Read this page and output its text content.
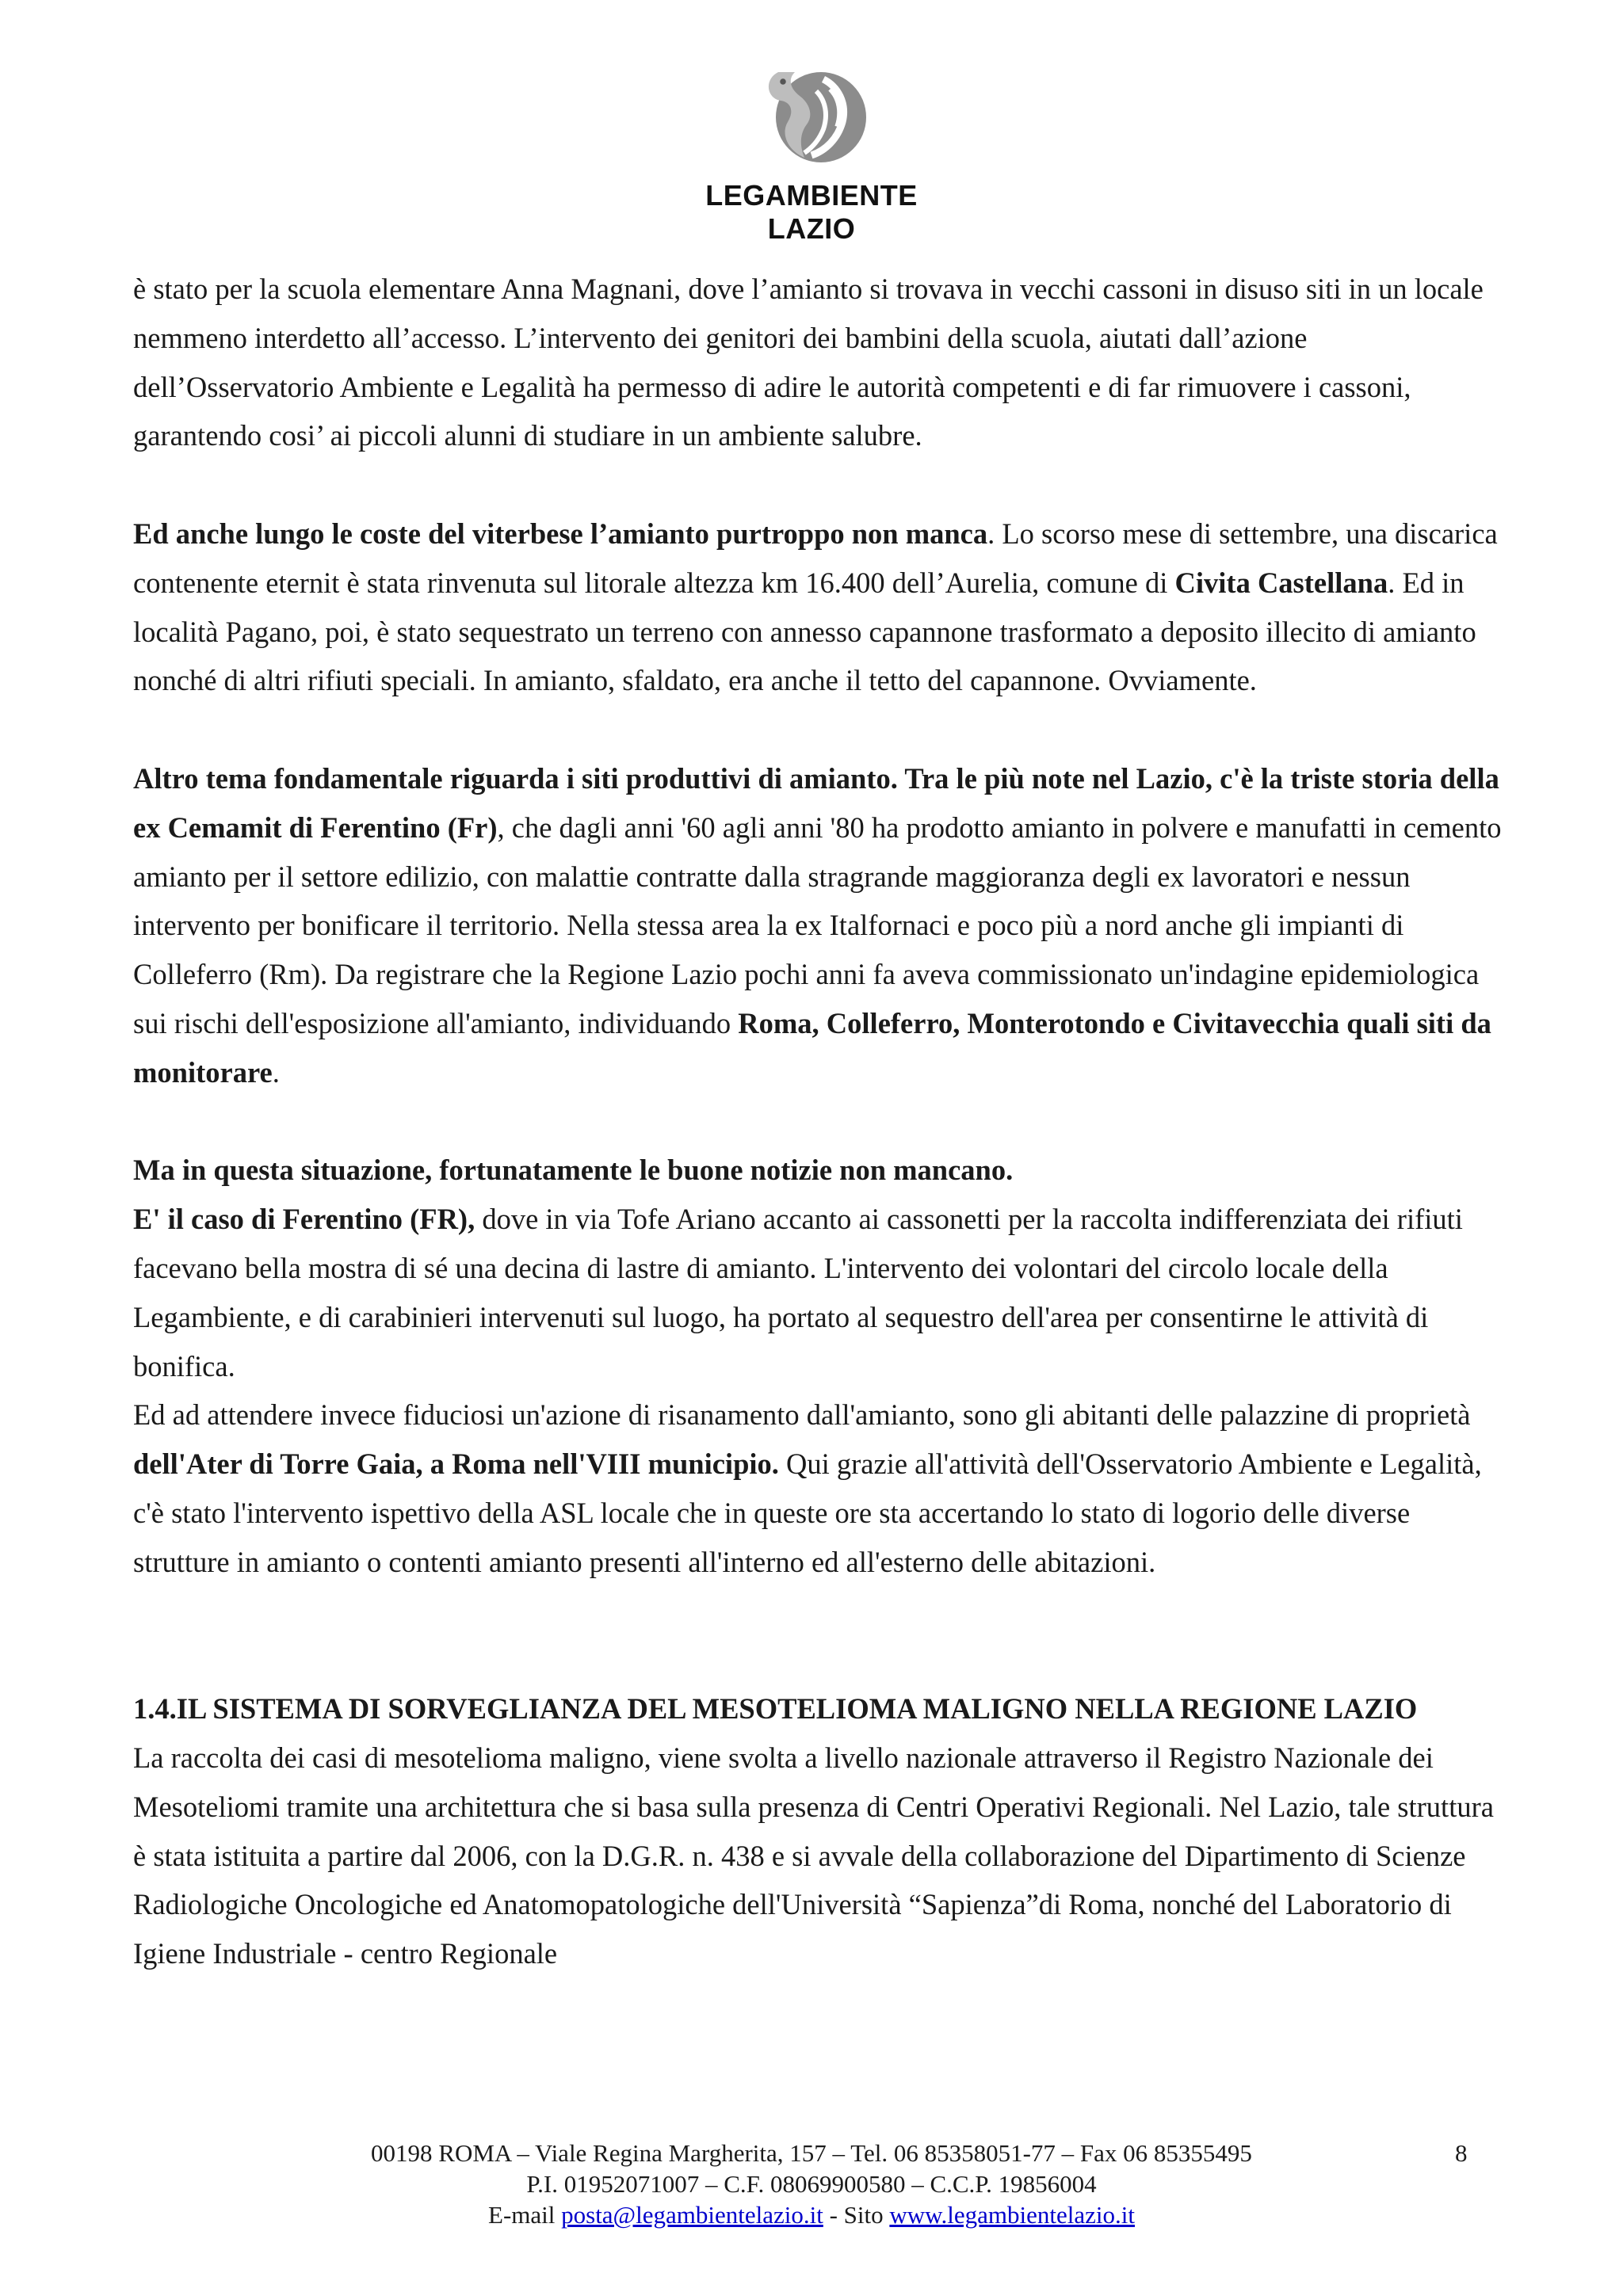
LEGAMBIENTE
LAZIO

è stato per la scuola elementare Anna Magnani, dove l’amianto si trovava in vecchi cassoni in disuso siti in un locale nemmeno interdetto all’accesso. L’intervento dei genitori dei bambini della scuola, aiutati dall’azione dell’Osservatorio Ambiente e Legalità ha permesso di adire le autorità competenti e di far rimuovere i cassoni, garantendo cosi’ ai piccoli alunni di studiare in un ambiente salubre.

Ed anche lungo le coste del viterbese l’amianto purtroppo non manca. Lo scorso mese di settembre, una discarica contenente eternit è stata rinvenuta sul litorale altezza km 16.400 dell’Aurelia, comune di Civita Castellana. Ed in località Pagano, poi, è stato sequestrato un terreno con annesso capannone trasformato a deposito illecito di amianto nonché di altri rifiuti speciali. In amianto, sfaldato, era anche il tetto del capannone. Ovviamente.

Altro tema fondamentale riguarda i siti produttivi di amianto. Tra le più note nel Lazio, c'è la triste storia della ex Cemamit di Ferentino (Fr), che dagli anni '60 agli anni '80 ha prodotto amianto in polvere e manufatti in cemento amianto per il settore edilizio, con malattie contratte dalla stragrande maggioranza degli ex lavoratori e nessun intervento per bonificare il territorio. Nella stessa area la ex Italfornaci e poco più a nord anche gli impianti di Colleferro (Rm). Da registrare che la Regione Lazio pochi anni fa aveva commissionato un'indagine epidemiologica sui rischi dell'esposizione all'amianto, individuando Roma, Colleferro, Monterotondo e Civitavecchia quali siti da monitorare.

Ma in questa situazione, fortunatamente le buone notizie non mancano.

E' il caso di Ferentino (FR), dove in via Tofe Ariano accanto ai cassonetti per la raccolta indifferenziata dei rifiuti facevano bella mostra di sé una decina di lastre di amianto. L'intervento dei volontari del circolo locale della Legambiente, e di carabinieri intervenuti sul luogo, ha portato al sequestro dell'area per consentirne le attività di bonifica.

Ed ad attendere invece fiduciosi un'azione di risanamento dall'amianto, sono gli abitanti delle palazzine di proprietà dell'Ater di Torre Gaia, a Roma nell'VIII municipio. Qui grazie all'attività dell'Osservatorio Ambiente e Legalità, c'è stato l'intervento ispettivo della ASL locale che in queste ore sta accertando lo stato di logorio delle diverse strutture in amianto o contenti amianto presenti all'interno ed all'esterno delle abitazioni.

1.4.IL SISTEMA DI SORVEGLIANZA DEL MESOTELIOMA MALIGNO NELLA REGIONE LAZIO

La raccolta dei casi di mesotelioma maligno, viene svolta a livello nazionale attraverso il Registro Nazionale dei Mesoteliomi tramite una architettura che si basa sulla presenza di Centri Operativi Regionali. Nel Lazio, tale struttura è stata istituita a partire dal 2006, con la D.G.R. n. 438 e si avvale della collaborazione del Dipartimento di Scienze Radiologiche Oncologiche ed Anatomopatologiche dell'Università “Sapienza”di Roma, nonché del Laboratorio di Igiene Industriale - centro Regionale

00198 ROMA – Viale Regina Margherita, 157 – Tel. 06 85358051-77 – Fax 06 85355495
P.I. 01952071007 – C.F. 08069900580 – C.C.P. 19856004
E-mail posta@legambientelazio.it - Sito www.legambientelazio.it
8
